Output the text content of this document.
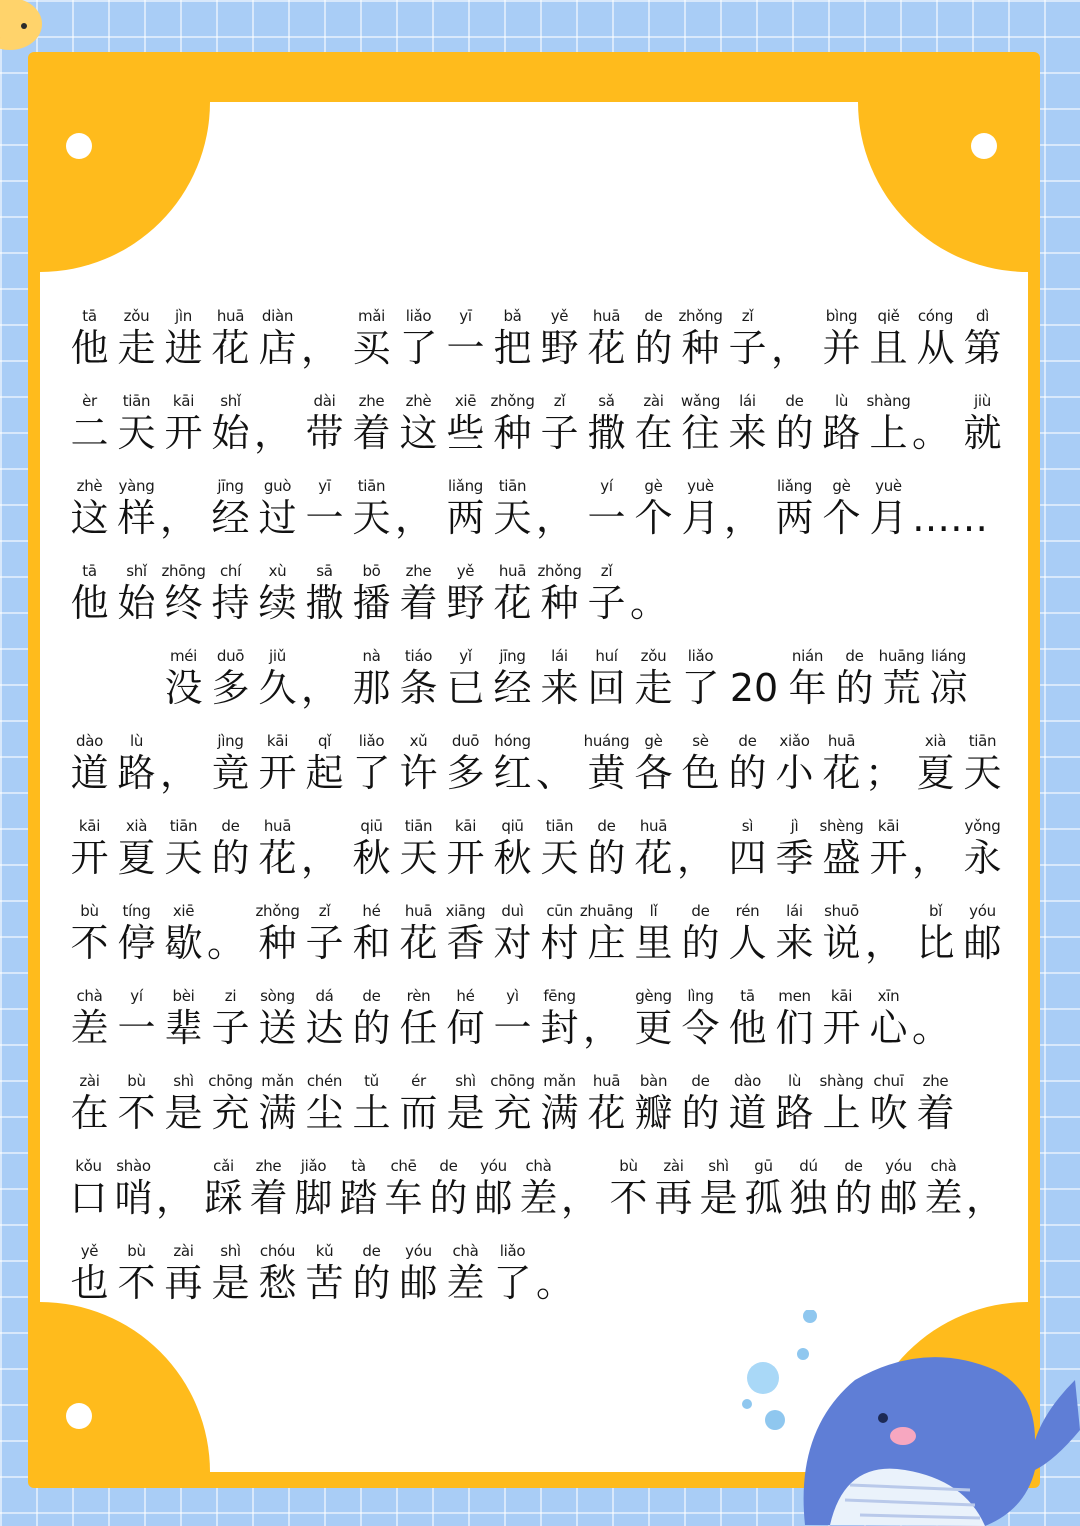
tā
他
zǒu
走
jìn
进
huā
花
diàn
店 ，
mǎi
买
liǎo
了
yī
一
bǎ
把
yě
野
huā
花
de
的
zhǒng
种
zǐ
子 ，
bìng
并
qiě
且
cóng
从
dì
第
èr
二
tiān
天
kāi
开
shǐ
始 ，
dài
带
zhe
着
zhè
这
xiē
些
zhǒng
种
zǐ
子
sǎ
撒
zài
在
wǎng
往
lái
来
de
的
lù
路
shàng
上 。
jiù
就
zhè
这
yàng
样 ，
jīng
经
guò
过
yī
一
tiān
天 ，
liǎng
两
tiān
天 ，
yí
一
gè
个
yuè
月 ，
liǎng
两
gè
个
yuè
月 ……
tā
他
shǐ
始
zhōng
终
chí
持
xù
续
sā
撒
bō
播
zhe
着
yě
野
huā
花
zhǒng
种
zǐ
子 。
méi
没
duō
多
jiǔ
久 ，
nà
那
tiáo
条
yǐ
已
jīng
经
lái
来
huí
回
zǒu
走
liǎo
了 20
nián
年
de
的
huāng
荒
liáng
凉
dào
道
lù
路 ，
jìng
竟
kāi
开
qǐ
起
liǎo
了
xǔ
许
duō
多
hóng
红 、
huáng
黄
gè
各
sè
色
de
的
xiǎo
小
huā
花 ；
xià
夏
tiān
天
kāi
开
xià
夏
tiān
天
de
的
huā
花 ，
qiū
秋
tiān
天
kāi
开
qiū
秋
tiān
天
de
的
huā
花 ，
sì
四
jì
季
shèng
盛
kāi
开 ，
yǒng
永
bù
不
tíng
停
xiē
歇 。
zhǒng
种
zǐ
子
hé
和
huā
花
xiāng
香
duì
对
cūn
村
zhuāng
庄
lǐ
里
de
的
rén
人
lái
来
shuō
说 ，
bǐ
比
yóu
邮
chà
差
yí
一
bèi
辈
zi
子
sòng
送
dá
达
de
的
rèn
任
hé
何
yì
一
fēng
封 ，
gèng
更
lìng
令
tā
他
men
们
kāi
开
xīn
心 。
zài
在
bù
不
shì
是
chōng
充
mǎn
满
chén
尘
tǔ
土
ér
而
shì
是
chōng
充
mǎn
满
huā
花
bàn
瓣
de
的
dào
道
lù
路
shàng
上
chuī
吹
zhe
着
kǒu
口
shào
哨 ，
cǎi
踩
zhe
着
jiǎo
脚
tà
踏
chē
车
de
的
yóu
邮
chà
差 ，
bù
不
zài
再
shì
是
gū
孤
dú
独
de
的
yóu
邮
chà
差 ，
yě
也
bù
不
zài
再
shì
是
chóu
愁
kǔ
苦
de
的
yóu
邮
chà
差
liǎo
了 。
